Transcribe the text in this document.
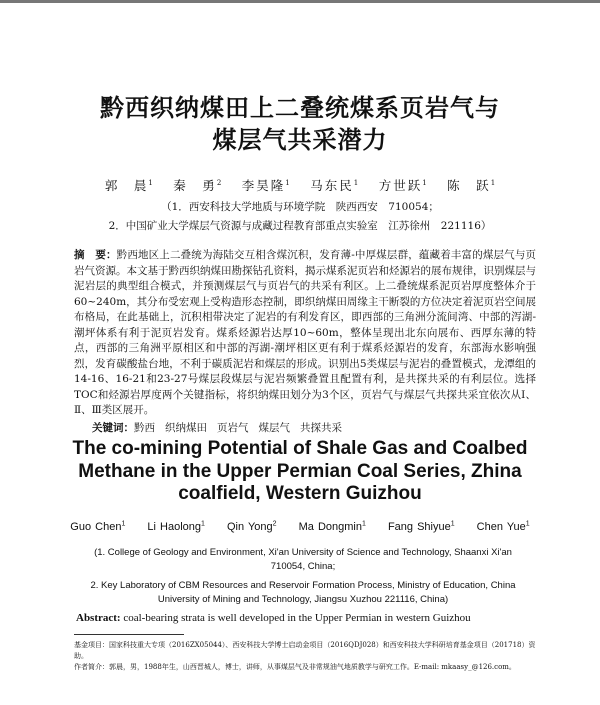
黔西织纳煤田上二叠统煤系页岩气与
煤层气共采潜力

郭　晨$^1$　 秦　勇$^2$　 李昊隆$^1$　 马东民$^1$　 方世跃$^1$　 陈　跃$^1$

（1．西安科技大学地质与环境学院　陕西西安　710054；

2．中国矿业大学煤层气资源与成藏过程教育部重点实验室　江苏徐州　221116）

摘　要：黔西地区上二叠统为海陆交互相含煤沉积，发育薄-中厚煤层群，蕴藏着丰富的煤层气与页岩气资源。本文基于黔西织纳煤田勘探钻孔资料，揭示煤系泥页岩和烃源岩的展布规律，识别煤层与泥岩层的典型组合模式，并预测煤层气与页岩气的共采有利区。上二叠统煤系泥页岩厚度整体介于60~240m，其分布受宏观上受构造形态控制，即织纳煤田周缘主干断裂的方位决定着泥页岩空间展布格局，在此基础上，沉积相带决定了泥岩的有利发育区，即西部的三角洲分流间湾、中部的泻湖-潮坪体系有利于泥页岩发育。煤系烃源岩达厚10~60m，整体呈现出北东向展布、西厚东薄的特点，西部的三角洲平原相区和中部的泻湖-潮坪相区更有利于煤系烃源岩的发育，东部海水影响强烈，发育碳酸盐台地，不利于碳质泥岩和煤层的形成。识别出5类煤层与泥岩的叠置模式，龙潭组的14-16、16-21和23-27号煤层段煤层与泥岩频繁叠置且配置有利，是共探共采的有利层位。选择TOC和烃源岩厚度两个关键指标，将织纳煤田划分为3个区，页岩气与煤层气共探共采宜依次从Ⅰ、Ⅱ、Ⅲ类区展开。

关键词：黔西 织纳煤田 页岩气 煤层气 共探共采

The co-mining Potential of Shale Gas and Coalbed
Methane in the Upper Permian Coal Series, Zhina
coalfield, Western Guizhou

Guo Chen$^1$ Li Haolong$^1$ Qin Yong$^2$ Ma Dongmin$^1$ Fang Shiyue$^1$ Chen Yue$^1$

(1. College of Geology and Environment, Xi'an University of Science and Technology, Shaanxi Xi'an 710054, China;

2. Key Laboratory of CBM Resources and Reservoir Formation Process, Ministry of Education, China University of Mining and Technology, Jiangsu Xuzhou 221116, China)

Abstract: coal-bearing strata is well developed in the Upper Permian in western Guizhou

基金项目：国家科技重大专项（2016ZX05044）、西安科技大学博士启动金项目（2016QDJ028）和西安科技大学科研培育基金项目（201718）资助。

作者简介：郭晨，男，1988年生，山西晋城人，博士，讲师，从事煤层气及非常规油气地质教学与研究工作。E-mail: mkaasy_@126.com。
